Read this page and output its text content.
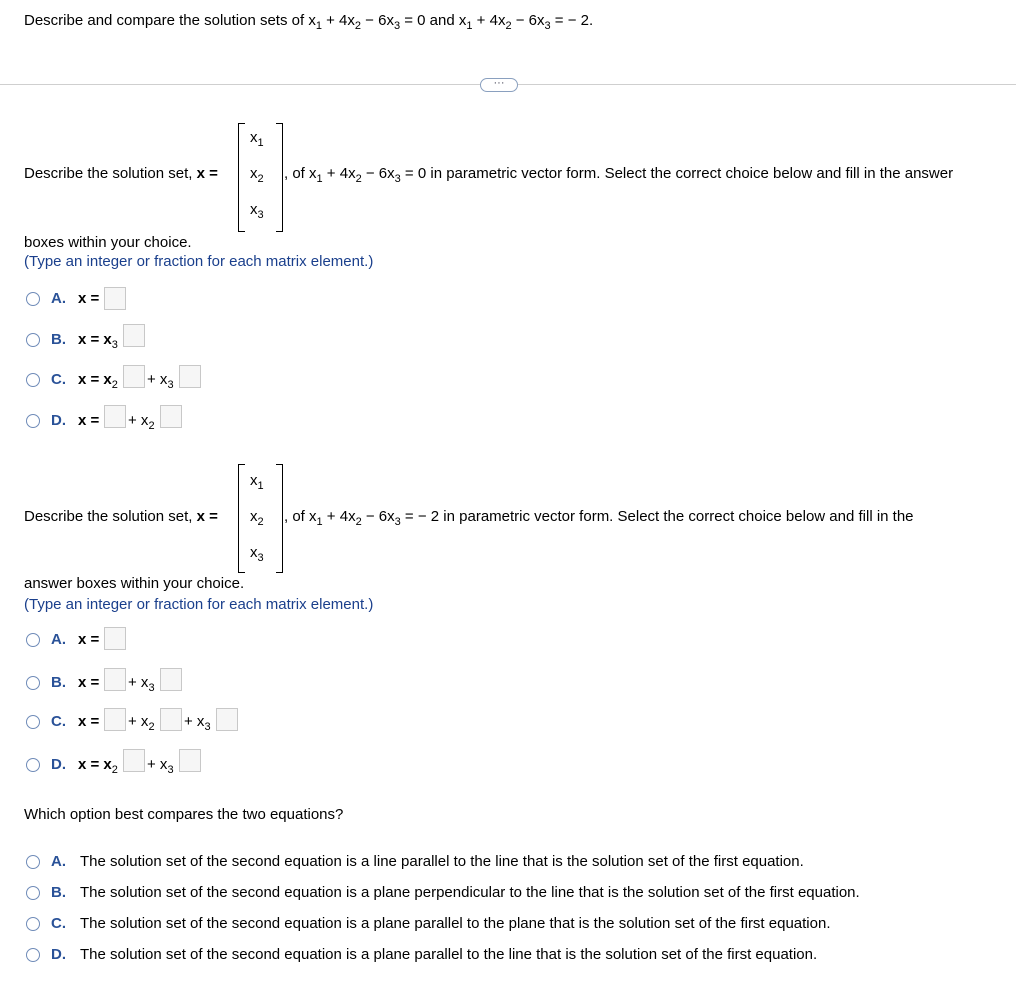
Describe and compare the solution sets of $x_1 + 4x_2 - 6x_3 = 0$ and $x_1 + 4x_2 - 6x_3$ = − 2.
···
Describe the solution set, x =
$x_1$
$x_2$
$x_3$
, of $x_1 + 4x_2 - 6x_3 = 0$ in parametric vector form. Select the correct choice below and fill in the answer
boxes within your choice.
(Type an integer or fraction for each matrix element.)
A. x =
B. $x = x_3$
C. $x = x_2 + x_3$
D. x = + $x_2$
Describe the solution set, x =
$x_1$
$x_2$
$x_3$
, of $x_1 + 4x_2 - 6x_3$ = − 2 in parametric vector form. Select the correct choice below and fill in the
answer boxes within your choice.
(Type an integer or fraction for each matrix element.)
A. x =
B. x = + $x_3$
C. x = + $x_2 + x_3$
D. $x = x_2 + x_3$
Which option best compares the two equations?
A. The solution set of the second equation is a line parallel to the line that is the solution set of the first equation.
B. The solution set of the second equation is a plane perpendicular to the line that is the solution set of the first equation.
C. The solution set of the second equation is a plane parallel to the plane that is the solution set of the first equation.
D. The solution set of the second equation is a plane parallel to the line that is the solution set of the first equation.
